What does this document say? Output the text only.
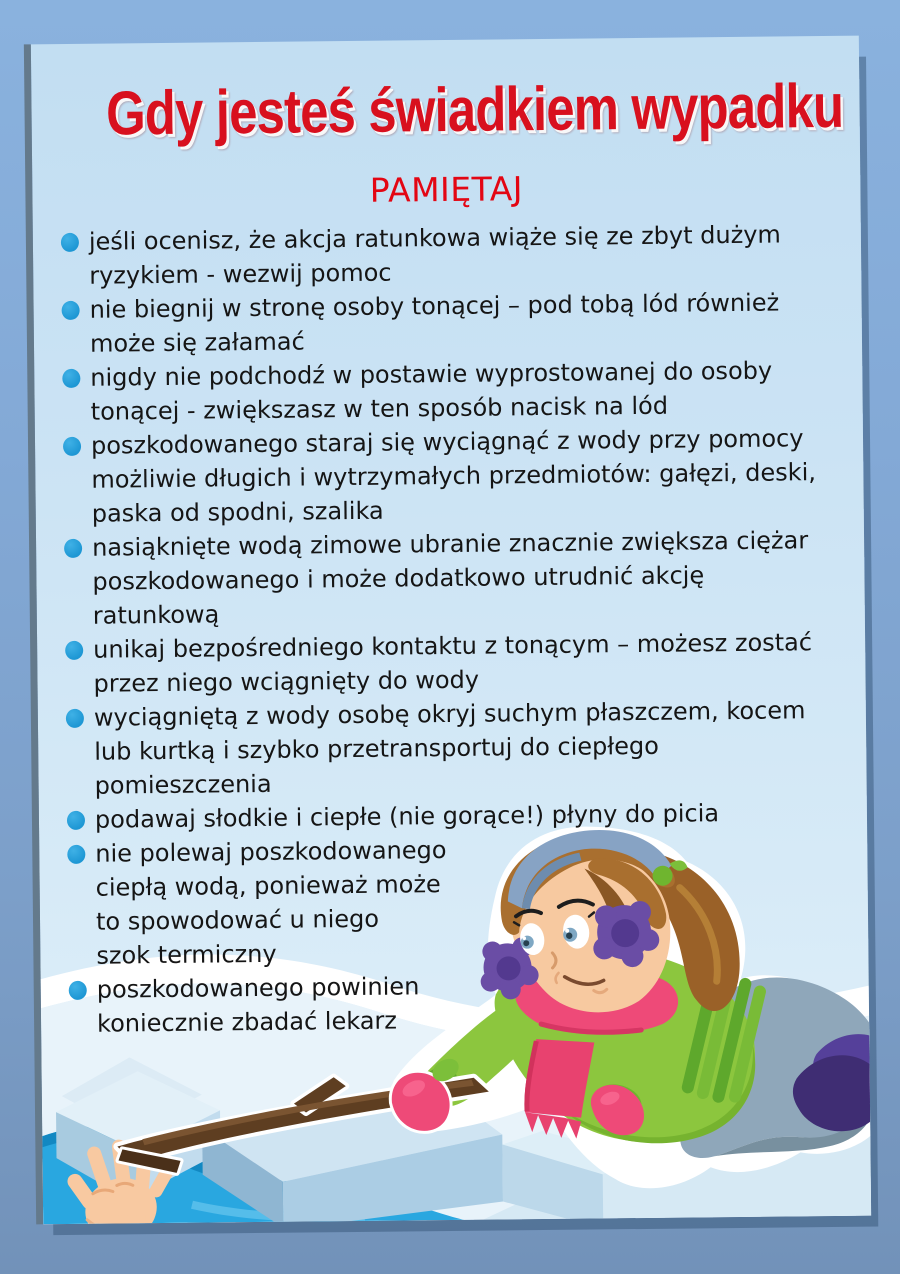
Gdy jesteś świadkiem wypadku
PAMIĘTAJ
jeśli ocenisz, że akcja ratunkowa wiąże się ze zbyt dużym
ryzykiem - wezwij pomoc
nie biegnij w stronę osoby tonącej – pod tobą lód również
może się załamać
nigdy nie podchodź w postawie wyprostowanej do osoby
tonącej - zwiększasz w ten sposób nacisk na lód
poszkodowanego staraj się wyciągnąć z wody przy pomocy
możliwie długich i wytrzymałych przedmiotów: gałęzi, deski,
paska od spodni, szalika
nasiąknięte wodą zimowe ubranie znacznie zwiększa ciężar
poszkodowanego i może dodatkowo utrudnić akcję
ratunkową
unikaj bezpośredniego kontaktu z tonącym – możesz zostać
przez niego wciągnięty do wody
wyciągniętą z wody osobę okryj suchym płaszczem, kocem
lub kurtką i szybko przetransportuj do ciepłego
pomieszczenia
podawaj słodkie i ciepłe (nie gorące!) płyny do picia
nie polewaj poszkodowanego
ciepłą wodą, ponieważ może
to spowodować u niego
szok termiczny
poszkodowanego powinien
koniecznie zbadać lekarz
